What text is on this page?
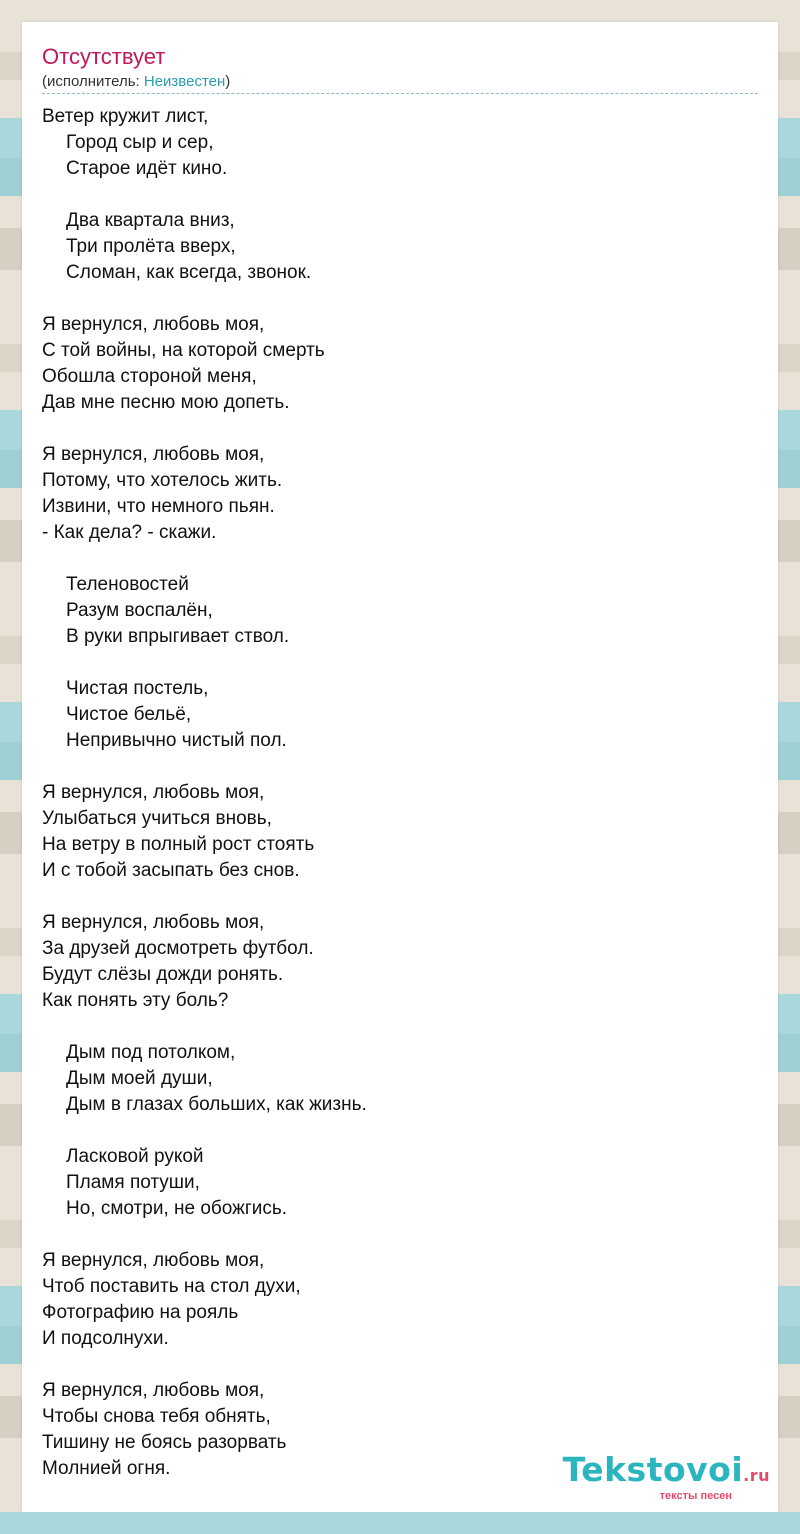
Отсутствует
(исполнитель: Неизвестен)
Ветер кружит лист,
Город сыр и сер,
Старое идёт кино.
Два квартала вниз,
Три пролёта вверх,
Сломан, как всегда, звонок.
Я вернулся, любовь моя,
С той войны, на которой смерть
Обошла стороной меня,
Дав мне песню мою допеть.
Я вернулся, любовь моя,
Потому, что хотелось жить.
Извини, что немного пьян.
- Как дела? - скажи.
Теленовостей
Разум воспалён,
В руки впрыгивает ствол.
Чистая постель,
Чистое бельё,
Непривычно чистый пол.
Я вернулся, любовь моя,
Улыбаться учиться вновь,
На ветру в полный рост стоять
И с тобой засыпать без снов.
Я вернулся, любовь моя,
За друзей досмотреть футбол.
Будут слёзы дожди ронять.
Как понять эту боль?
Дым под потолком,
Дым моей души,
Дым в глазах больших, как жизнь.
Ласковой рукой
Пламя потуши,
Но, смотри, не обожгись.
Я вернулся, любовь моя,
Чтоб поставить на стол духи,
Фотографию на рояль
И подсолнухи.
Я вернулся, любовь моя,
Чтобы снова тебя обнять,
Тишину не боясь разорвать
Молнией огня.	Tekstovoi.ru
тексты песен
